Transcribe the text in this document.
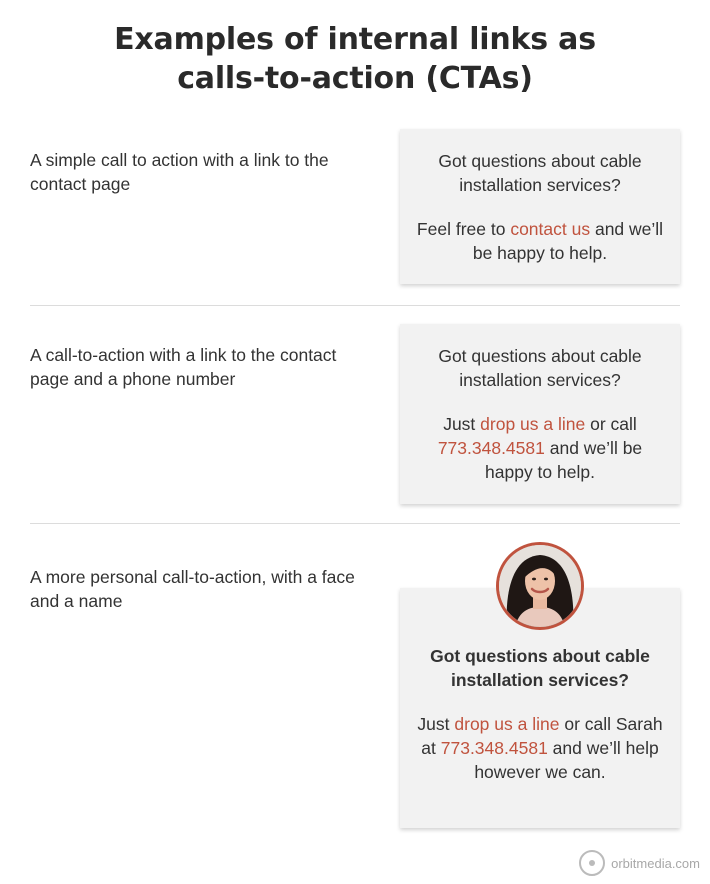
Examples of internal links as
calls-to-action (CTAs)
A simple call to action with a link to the contact page

Got questions about cable installation services?

Feel free to contact us and we’ll be happy to help.

A call-to-action with a link to the contact page and a phone number

Got questions about cable installation services?

Just drop us a line or call 773.348.4581 and we’ll be happy to help.

A more personal call-to-action, with a face and a name

Got questions about cable installation services?

Just drop us a line or call Sarah at 773.348.4581 and we’ll help however we can.

orbitmedia.com
